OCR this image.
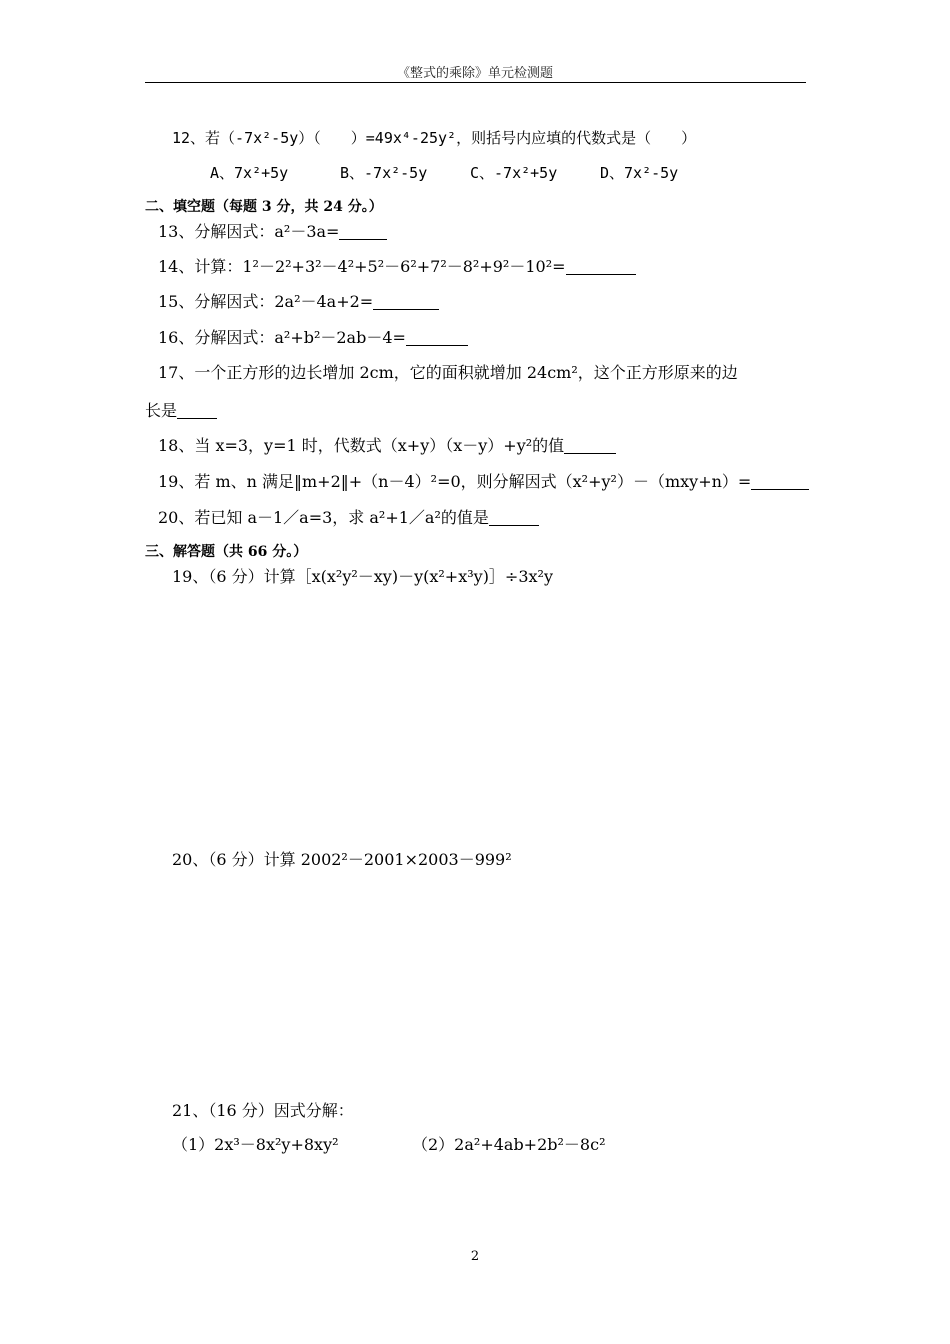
《整式的乘除》单元检测题
12、若（-7x²-5y）（　　）=49x⁴-25y²，则括号内应填的代数式是（　　）
A、7x²+5y	B、-7x²-5y	C、-7x²+5y	D、7x²-5y
二、填空题（每题 3 分，共 24 分。）
13、分解因式：a²－3a=
14、计算：1²－2²+3²－4²+5²－6²+7²－8²+9²－10²=
15、分解因式：2a²－4a+2=
16、分解因式：a²+b²－2ab－4=
17、一个正方形的边长增加 2cm，它的面积就增加 24cm²，这个正方形原来的边
长是
18、当 x=3，y=1 时，代数式（x+y）（x－y）+y²的值
19、若 m、n 满足‖m+2‖+（n－4）²=0，则分解因式（x²+y²）－（mxy+n）=
20、若已知 a－1／a=3，求 a²+1／a²的值是
三、解答题（共 66 分。）
19、（6 分）计算［x(x²y²－xy)－y(x²+x³y)］÷3x²y
20、（6 分）计算 2002²－2001×2003－999²
21、（16 分）因式分解：
（1）2x³－8x²y+8xy²	（2）2a²+4ab+2b²－8c²
2
